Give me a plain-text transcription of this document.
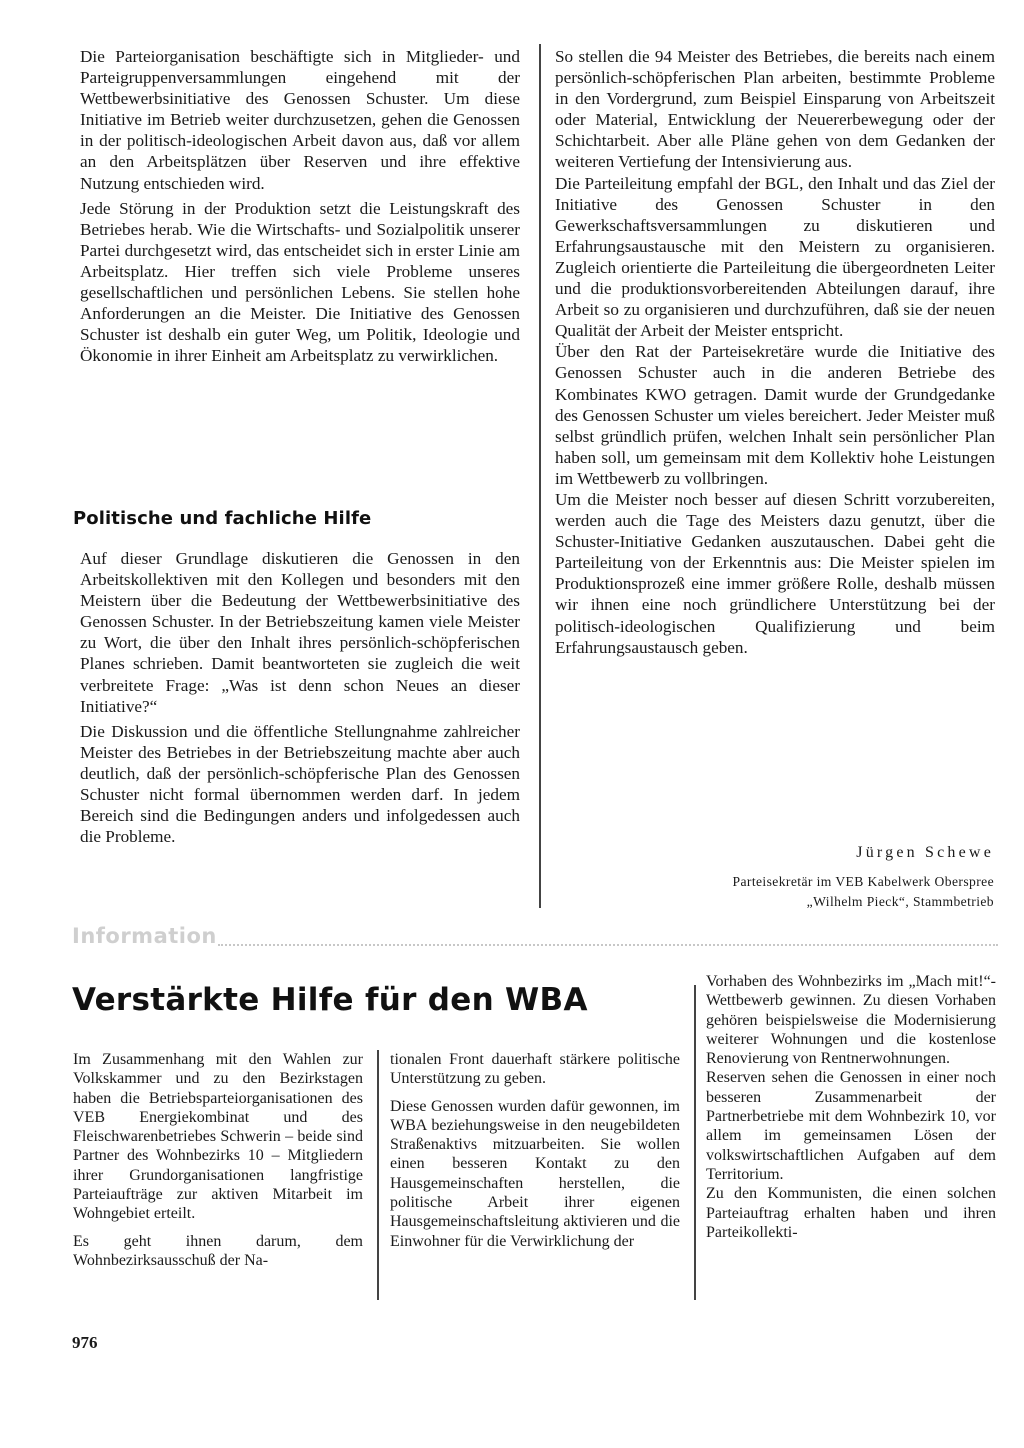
Die Parteiorganisation beschäftigte sich in Mitglieder- und Parteigruppenversammlungen eingehend mit der Wettbewerbsinitiative des Genossen Schuster. Um diese Initiative im Betrieb weiter durchzusetzen, gehen die Genossen in der politisch-ideologischen Arbeit davon aus, daß vor allem an den Arbeitsplätzen über Reserven und ihre effektive Nutzung entschieden wird.

Jede Störung in der Produktion setzt die Leistungskraft des Betriebes herab. Wie die Wirtschafts- und Sozialpolitik unserer Partei durchgesetzt wird, das entscheidet sich in erster Linie am Arbeitsplatz. Hier treffen sich viele Probleme unseres gesellschaftlichen und persönlichen Lebens. Sie stellen hohe Anforderungen an die Meister. Die Initiative des Genossen Schuster ist deshalb ein guter Weg, um Politik, Ideologie und Ökonomie in ihrer Einheit am Arbeitsplatz zu verwirklichen.

Politische und fachliche Hilfe

Auf dieser Grundlage diskutieren die Genossen in den Arbeitskollektiven mit den Kollegen und besonders mit den Meistern über die Bedeutung der Wettbewerbsinitiative des Genossen Schuster. In der Betriebszeitung kamen viele Meister zu Wort, die über den Inhalt ihres persönlich-schöpferischen Planes schrieben. Damit beantworteten sie zugleich die weit verbreitete Frage: „Was ist denn schon Neues an dieser Initiative?“

Die Diskussion und die öffentliche Stellungnahme zahlreicher Meister des Betriebes in der Betriebszeitung machte aber auch deutlich, daß der persönlich-schöpferische Plan des Genossen Schuster nicht formal übernommen werden darf. In jedem Bereich sind die Bedingungen anders und infolgedessen auch die Probleme.

So stellen die 94 Meister des Betriebes, die bereits nach einem persönlich-schöpferischen Plan arbeiten, bestimmte Probleme in den Vordergrund, zum Beispiel Einsparung von Arbeitszeit oder Material, Entwicklung der Neuererbewegung oder der Schichtarbeit. Aber alle Pläne gehen von dem Gedanken der weiteren Vertiefung der Intensivierung aus.

Die Parteileitung empfahl der BGL, den Inhalt und das Ziel der Initiative des Genossen Schuster in den Gewerkschaftsversammlungen zu diskutieren und Erfahrungsaustausche mit den Meistern zu organisieren. Zugleich orientierte die Parteileitung die übergeordneten Leiter und die produktionsvorbereitenden Abteilungen darauf, ihre Arbeit so zu organisieren und durchzuführen, daß sie der neuen Qualität der Arbeit der Meister entspricht.

Über den Rat der Parteisekretäre wurde die Initiative des Genossen Schuster auch in die anderen Betriebe des Kombinates KWO getragen. Damit wurde der Grundgedanke des Genossen Schuster um vieles bereichert. Jeder Meister muß selbst gründlich prüfen, welchen Inhalt sein persönlicher Plan haben soll, um gemeinsam mit dem Kollektiv hohe Leistungen im Wettbewerb zu vollbringen.

Um die Meister noch besser auf diesen Schritt vorzubereiten, werden auch die Tage des Meisters dazu genutzt, über die Schuster-Initiative Gedanken auszutauschen. Dabei geht die Parteileitung von der Erkenntnis aus: Die Meister spielen im Produktionsprozeß eine immer größere Rolle, deshalb müssen wir ihnen eine noch gründlichere Unterstützung bei der politisch-ideologischen Qualifizierung und beim Erfahrungsaustausch geben.

Jürgen Schewe
Parteisekretär im VEB Kabelwerk Oberspree
„Wilhelm Pieck“, Stammbetrieb
Information
Verstärkte Hilfe für den WBA

Im Zusammenhang mit den Wahlen zur Volkskammer und zu den Bezirkstagen haben die Betriebsparteiorganisationen des VEB Energiekombinat und des Fleischwarenbetriebes Schwerin – beide sind Partner des Wohnbezirks 10 – Mitgliedern ihrer Grundorganisationen langfristige Parteiaufträge zur aktiven Mitarbeit im Wohngebiet erteilt.

Es geht ihnen darum, dem Wohnbezirksausschuß der Na-

tionalen Front dauerhaft stärkere politische Unterstützung zu geben.

Diese Genossen wurden dafür gewonnen, im WBA beziehungsweise in den neugebildeten Straßenaktivs mitzuarbeiten. Sie wollen einen besseren Kontakt zu den Hausgemeinschaften herstellen, die politische Arbeit ihrer eigenen Hausgemeinschaftsleitung aktivieren und die Einwohner für die Verwirklichung der

Vorhaben des Wohnbezirks im „Mach mit!“-Wettbewerb gewinnen. Zu diesen Vorhaben gehören beispielsweise die Modernisierung weiterer Wohnungen und die kostenlose Renovierung von Rentnerwohnungen.

Reserven sehen die Genossen in einer noch besseren Zusammenarbeit der Partnerbetriebe mit dem Wohnbezirk 10, vor allem im gemeinsamen Lösen der volkswirtschaftlichen Aufgaben auf dem Territorium.

Zu den Kommunisten, die einen solchen Parteiauftrag erhalten haben und ihren Parteikollekti-

976
